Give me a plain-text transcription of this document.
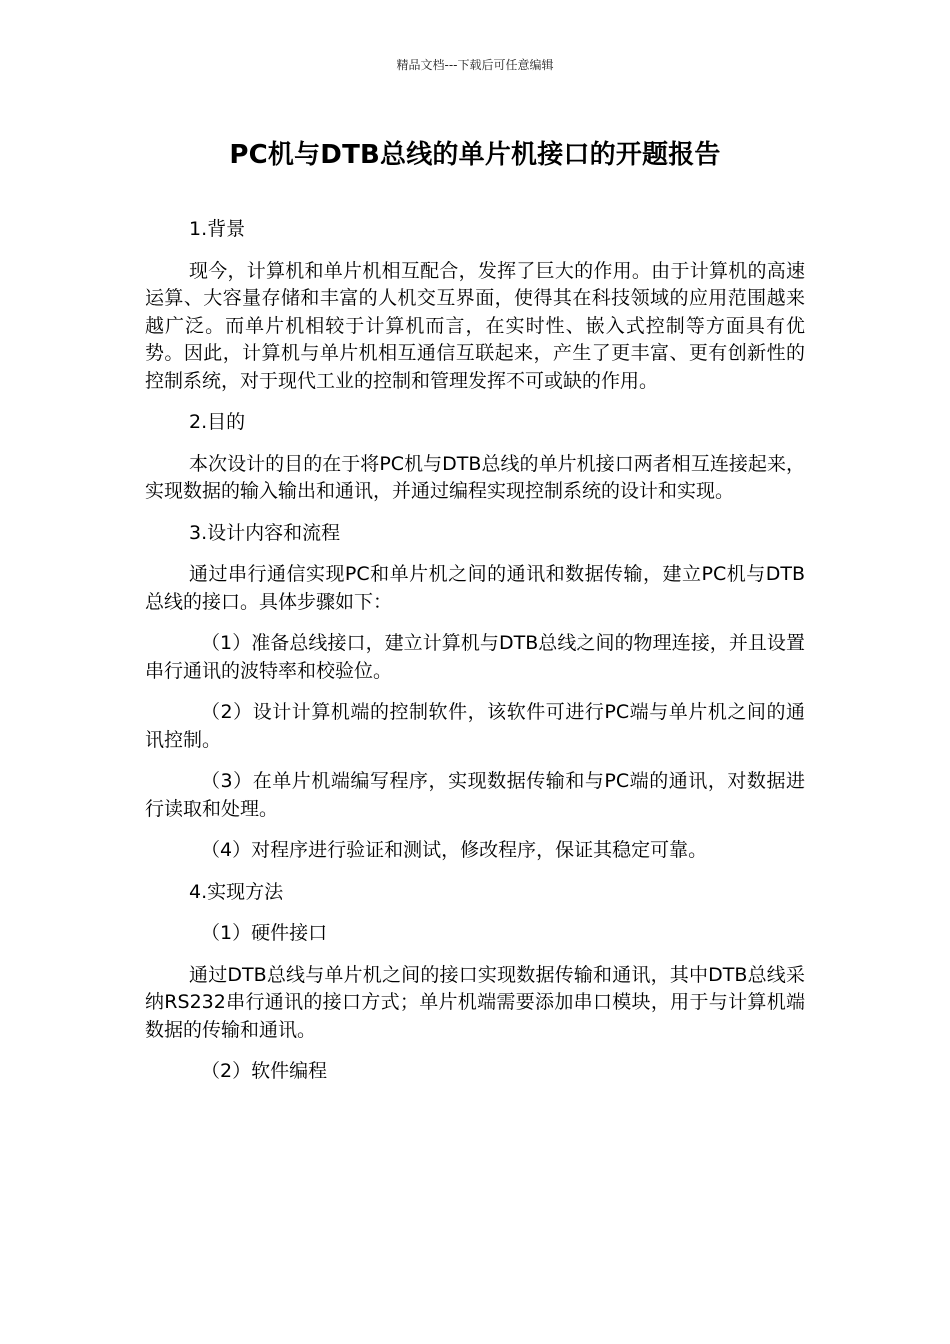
精品文档---下载后可任意编辑
PC机与DTB总线的单片机接口的开题报告

1.背景

现今，计算机和单片机相互配合，发挥了巨大的作用。由于计算机的高速运算、大容量存储和丰富的人机交互界面，使得其在科技领域的应用范围越来越广泛。而单片机相较于计算机而言，在实时性、嵌入式控制等方面具有优势。因此，计算机与单片机相互通信互联起来，产生了更丰富、更有创新性的控制系统，对于现代工业的控制和管理发挥不可或缺的作用。

2.目的

本次设计的目的在于将PC机与DTB总线的单片机接口两者相互连接起来，实现数据的输入输出和通讯，并通过编程实现控制系统的设计和实现。

3.设计内容和流程

通过串行通信实现PC和单片机之间的通讯和数据传输，建立PC机与DTB总线的接口。具体步骤如下：

（1）准备总线接口，建立计算机与DTB总线之间的物理连接，并且设置串行通讯的波特率和校验位。

（2）设计计算机端的控制软件，该软件可进行PC端与单片机之间的通讯控制。

（3）在单片机端编写程序，实现数据传输和与PC端的通讯，对数据进行读取和处理。

（4）对程序进行验证和测试，修改程序，保证其稳定可靠。

4.实现方法

（1）硬件接口

通过DTB总线与单片机之间的接口实现数据传输和通讯，其中DTB总线采纳RS232串行通讯的接口方式；单片机端需要添加串口模块，用于与计算机端数据的传输和通讯。

（2）软件编程
